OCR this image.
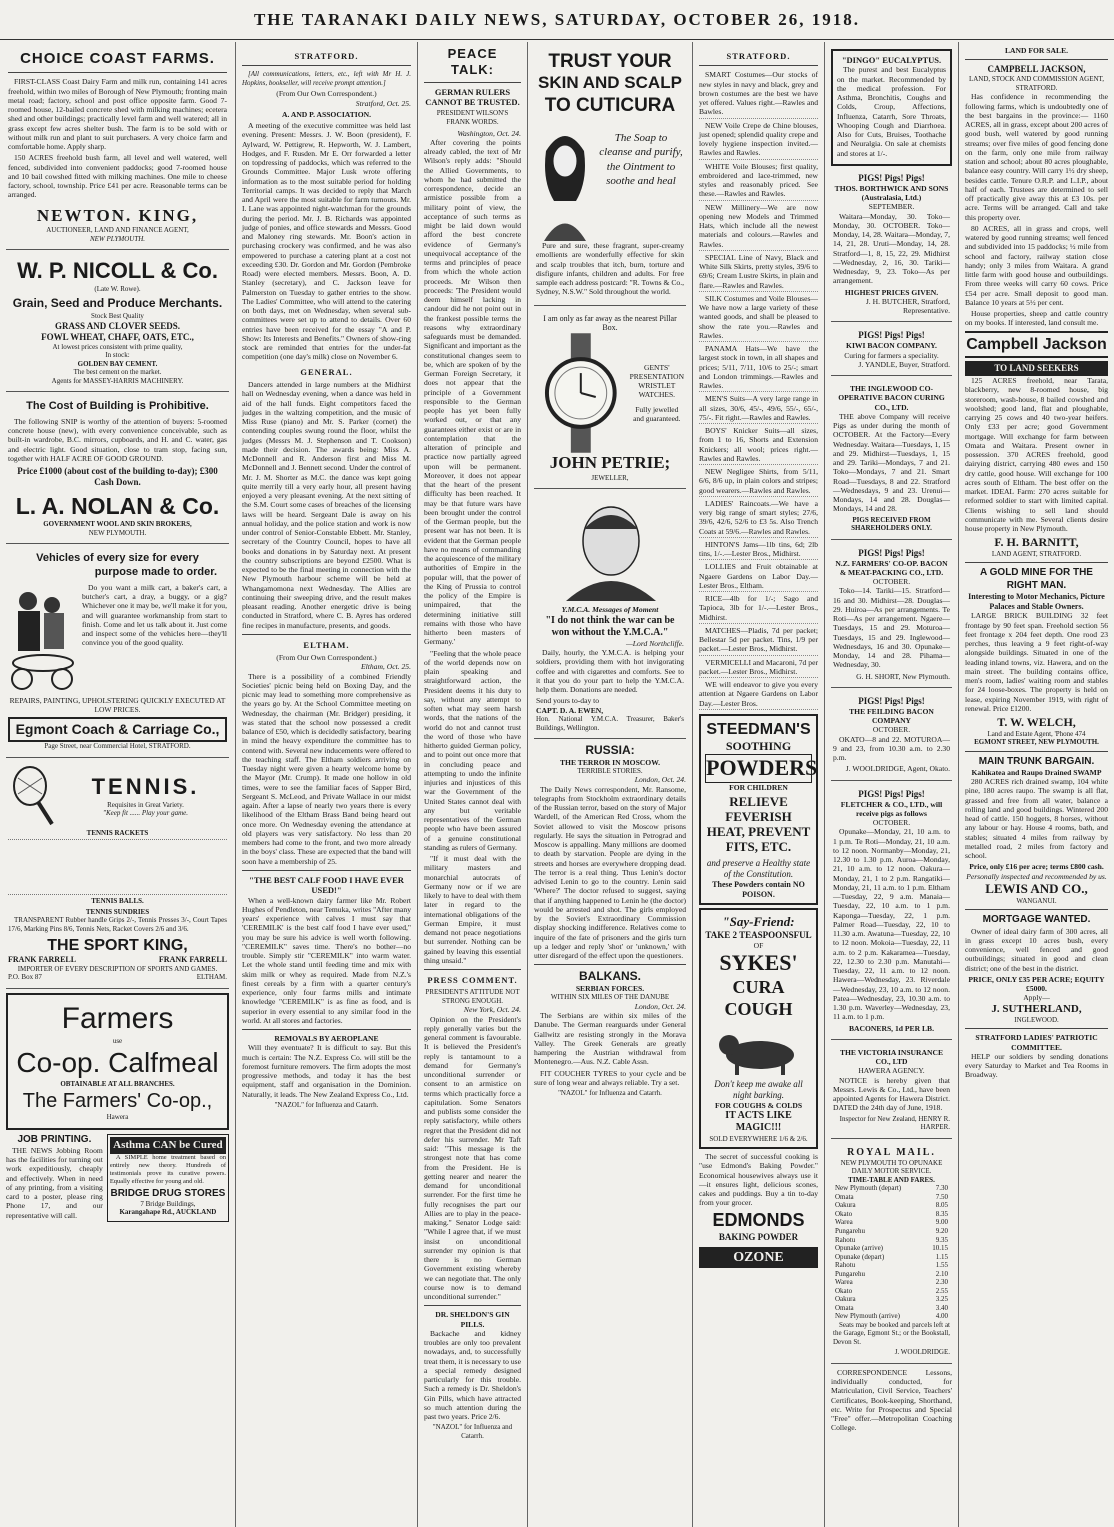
THE TARANAKI DAILY NEWS, SATURDAY, OCTOBER 26, 1918.
CHOICE COAST FARMS.

FIRST-CLASS Coast Dairy Farm and milk run, containing 141 acres freehold, within two miles of Borough of New Plymouth; fronting main metal road; factory, school and post office opposite farm. Good 7-roomed house, 12-bailed concrete shed with milking machines; ecetera shed and other buildings; practically level farm and well watered; all in grass except few acres shelter bush. The farm is to be sold with or without milk run and plant to suit purchasers. A very choice farm and comfortable home. Apply sharp.

150 ACRES freehold bush farm, all level and well watered, well fenced, subdivided into convenient paddocks; good 7-roomed house and 10 bail cowshed fitted with milking machines. One mile to cheese factory, school, township. Price £41 per acre. Reasonable terms can be arranged.

NEWTON. KING,
AUCTIONEER, LAND AND FINANCE AGENT,
NEW PLYMOUTH.
W. P. NICOLL & Co.
(Late W. Rowe).
Grain, Seed and Produce Merchants.
Stock Best Quality
GRASS AND CLOVER SEEDS.
FOWL WHEAT, CHAFF, OATS, ETC.,
At lowest prices consistent with prime quality,
In stock:
GOLDEN BAY CEMENT.
The best cement on the market.
Agents for MASSEY-HARRIS MACHINERY.
The Cost of Building is Prohibitive.

The following SNIP is worthy of the attention of buyers: 5-roomed concrete house (new), with every convenience conceivable, such as built-in wardrobe, B.C. mirrors, cupboards, and H. and C. water, gas and electric light. Good situation, close to tram stop, facing sun, together with HALF ACRE OF GOOD GROUND.

Price £1000 (about cost of the building to-day); £300 Cash Down.
L. A. NOLAN & Co.
GOVERNMENT WOOL AND SKIN BROKERS,
NEW PLYMOUTH.
Vehicles of every size for every
purpose made to order.

Do you want a milk cart, a baker's cart, a butcher's cart, a dray, a buggy, or a gig? Whichever one it may be, we'll make it for you, and will guarantee workmanship from start to finish. Come and let us talk about it. Just come and inspect some of the vehicles here—they'll convince you of the good quality.

REPAIRS, PAINTING, UPHOLSTERING QUICKLY EXECUTED AT LOW PRICES.
Egmont Coach & Carriage Co.,
Page Street, near Commercial Hotel, STRATFORD.
TENNIS.
Requisites in Great Variety.
"Keep fit ...... Play your game.
TENNIS RACKETS
TENNIS BALLS.
TENNIS SUNDRIES

TRANSPARENT Rubber handle Grips 2/-, Tennis Presses 3/-, Court Tapes 17/6, Marking Pins 8/6, Tennis Nets, Racket Covers 2/6 and 3/6.

THE SPORT KING,
FRANK FARRELL	FRANK FARRELL
IMPORTER OF EVERY DESCRIPTION OF SPORTS AND GAMES.
P.O. Box 87	ELTHAM.
Farmers
use
Co-op. Calfmeal
OBTAINABLE AT ALL BRANCHES.
The Farmers' Co-op.,
Hawera
JOB PRINTING.

THE NEWS Jobbing Room has the facilities for turning out work expeditiously, cheaply and effectively. When in need of any printing, from a visiting card to a poster, please ring Phone 17, and our representative will call.

Asthma CAN be Cured

A SIMPLE home treatment based on entirely new theory. Hundreds of testimonials prove its curative powers. Equally effective for young and old.

BRIDGE DRUG STORES
7 Bridge Buildings,
Karangahape Rd., AUCKLAND
STRATFORD.

[All communications, letters, etc., left with Mr H. J. Hopkins, bookseller, will receive prompt attention.]

(From Our Own Correspondent.)
Stratford, Oct. 25.
A. AND P. ASSOCIATION.

A meeting of the executive committee was held last evening. Present: Messrs. J. W. Boon (president), F. Aylward, W. Pettigrew, R. Hepworth, W. J. Lambert, Hodges, and F. Rusden. Mr E. Orr forwarded a letter on topdressing of paddocks, which was referred to the Grounds Committee. Major Lusk wrote offering information as to the most suitable period for holding Territorial camps. It was decided to reply that March and April were the most suitable for farm turnouts. Mr. I. Lane was appointed night-watchman for the grounds during the period. Mr. J. B. Richards was appointed judge of ponies, and office stewards and Messrs. Good and Maloney ring stewards. Mr. Boon's action in purchasing crockery was confirmed, and he was also empowered to purchase a catering plant at a cost not exceeding £30. Dr. Gordon and Mr. Gordon (Pembroke Road) were elected members. Messrs. Boon, A. D. Stanley (secretary), and C. Jackson leave for Palmerston on Tuesday to gather entries to the show. The Ladies' Committee, who will attend to the catering on both days, met on Wednesday, when several sub-committees were set up to attend to details. Over 60 entries have been received for the essay "A and P. Show: Its Interests and Benefits." Owners of show-ring stock are reminded that entries for the under-fat competition (one day's milk) close on November 6.

GENERAL.

Dancers attended in large numbers at the Midhirst hall on Wednesday evening, when a dance was held in aid of the hall funds. Eight competitors faced the judges in the waltzing competition, and the music of Miss Ruse (piano) and Mr. S. Parker (cornet) the contending couples swung round the floor, whilst the judges (Messrs M. J. Stephenson and T. Cookson) made their decision. The awards being: Miss A. McDonnell and R. Anderson first and Miss M. McDonnell and J. Bennett second. Under the control of Mr. J. M. Shorter as M.C. the dance was kept going quite merrily till a very early hour, all present having enjoyed a very pleasant evening. At the next sitting of the S.M. Court some cases of breaches of the licensing laws will be heard. Sergeant Dale is away on his annual holiday, and the police station and work is now under control of Senior-Constable Ebbett. Mr. Stanley, secretary of the Country Council, hopes to have all books and donations in by Saturday next. At present the country subscriptions are beyond £2500. What is expected to be the final meeting in connection with the New Plymouth harbour scheme will be held at Whangamomona next Wednesday. The Allies are continuing their sweeping drive, and the result makes pleasant reading. Another energetic drive is being conducted in Stratford, where C. B. Ayres has ordered fine recipes in manufacture, presents, and goods.

ELTHAM.
(From Our Own Correspondent.)
Eltham, Oct. 25.

There is a possibility of a combined Friendly Societies' picnic being held on Boxing Day, and the picnic may lead to something more comprehensive as the years go by. At the School Committee meeting on Wednesday, the chairman (Mr. Bridger) presiding, it was stated that the school now possessed a credit balance of £50, which is decidedly satisfactory, bearing in mind the heavy expenditure the committee has to contend with. Several new inducements were offered to the teaching staff. The Eltham soldiers arriving on Tuesday night were given a hearty welcome home by the Mayor (Mr. Crump). It made one hollow in old times, were to see the familiar faces of Sapper Bird, Sergeant S. McLeod, and Private Wallace in our midst again. After a lapse of nearly two years there is every likelihood of the Eltham Brass Band being heard out once more. On Wednesday evening the attendance at old players was very satisfactory. No less than 20 members had come to the front, and two more already in the boys' class. These are expected that the band will soon have a membership of 25.

"THE BEST CALF FOOD I HAVE EVER USED!"

When a well-known dairy farmer like Mr. Robert Hughes of Pendleton, near Temuka, writes "After many years' experience with calves I must say that 'CEREMILK' is the best calf food I have ever used," you may be sure his advice is well worth following. "CEREMILK" saves time. There's no bother—no trouble. Simply stir "CEREMILK" into warm water. Let the whole stand until feeding time and mix with skim milk or whey as required. Made from N.Z.'s finest cereals by a firm with a quarter century's experience, only four farms mills and intimate knowledge "CEREMILK" is as fine as food, and is superior in every essential to any similar food in the world. At all stores and factories.

REMOVALS BY AEROPLANE

Will they eventuate? It is difficult to say. But this much is certain: The N.Z. Express Co. will still be the foremost furniture removers. The firm adopts the most progressive methods, and today it has the best equipment, staff and organisation in the Dominion. Naturally, it leads. The New Zealand Express Co., Ltd.

"NAZOL" for Influenza and Catarrh.
PEACE TALK:
GERMAN RULERS CANNOT BE TRUSTED.
PRESIDENT WILSON'S FRANK WORDS.
Washington, Oct. 24.

After covering the points already cabled, the text of Mr Wilson's reply adds: "Should the Allied Governments, to whom he had submitted the correspondence, decide an armistice possible from a military point of view, the acceptance of such terms as might be laid down would afford the best concrete evidence of Germany's unequivocal acceptance of the terms and principles of peace from which the whole action proceeds. Mr Wilson then proceeds: 'The President would deem himself lacking in candour did he not point out in the frankest possible terms the reasons why extraordinary safeguards must be demanded. Significant and important as the constitutional changes seem to be, which are spoken of by the German Foreign Secretary, it does not appear that the principle of a Government responsible to the German people has yet been fully worked out, or that any guarantees either exist or are in contemplation that the alteration of principle and practice now partially agreed upon will be permanent. Moreover, it does not appear that the heart of the present difficulty has been reached. It may be that future wars have been brought under the control of the German people, but the present war has not been. It is evident that the German people have no means of commanding the acquiescence of the military authorities of Empire in the popular will, that the power of the King of Prussia to control the policy of the Empire is unimpaired, that the determining initiative still remains with those who have hitherto been masters of Germany.'

"Feeling that the whole peace of the world depends now on plain speaking and straightforward action, the President deems it his duty to say, without any attempt to soften what may seem harsh words, that the nations of the world do not and cannot trust the word of those who have hitherto guided German policy, and to point out once more that in concluding peace and attempting to undo the infinite injuries and injustices of this war the Government of the United States cannot deal with any but veritable representatives of the German people who have been assured of a genuine constitutional standing as rulers of Germany.

"If it must deal with the military masters and monarchial autocrats of Germany now or if we are likely to have to deal with them later in regard to the international obligations of the German Empire, it must demand not peace negotiations but surrender. Nothing can be gained by leaving this essential thing unsaid."

PRESS COMMENT.
PRESIDENT'S ATTITUDE NOT STRONG ENOUGH.
New York, Oct. 24.

Opinion on the President's reply generally varies but the general comment is favourable. It is believed the President's reply is tantamount to a demand for Germany's unconditional surrender or consent to an armistice on terms which practically force a capitulation. Some Senators and publists some consider the reply satisfactory, while others regret that the President did not defer his surrender. Mr Taft said: "This message is the strongest note that has come from the President. He is getting nearer and nearer the demand for unconditional surrender. For the first time he fully recognises the part our Allies are to play in the peace-making." Senator Lodge said: "While I agree that, if we must insist on unconditional surrender my opinion is that there is no German Government existing whereby we can negotiate that. The only course now is to demand unconditional surrender."

DR. SHELDON'S GIN PILLS.

Backache and kidney troubles are only too prevalent nowadays, and, to successfully treat them, it is necessary to use a special remedy designed particularly for this trouble. Such a remedy is Dr. Sheldon's Gin Pills, which have attracted so much attention during the past two years. Price 2/6.

"NAZOL" for Influenza and Catarrh.
TRUST YOUR
SKIN AND SCALP
TO CUTICURA
The Soap to cleanse and purify, the Ointment to soothe and heal

Pure and sure, these fragrant, super-creamy emollients are wonderfully effective for skin and scalp troubles that itch, burn, torture and disfigure infants, children and adults. For free sample each address postcard: "R. Towns & Co., Sydney, N.S.W." Sold throughout the world.

I am only as far away as the nearest Pillar Box.
GENTS' PRESENTATION WRISTLET WATCHES.
Fully jewelled and guaranteed.
JOHN PETRIE;
JEWELLER,
Y.M.C.A. Messages of Moment
"I do not think the war can be won without the Y.M.C.A."
—Lord Northcliffe.

Daily, hourly, the Y.M.C.A. is helping your soldiers, providing them with hot invigorating coffee and with cigarettes and comforts. See to it that you do your part to help the Y.M.C.A. help them. Donations are needed.

Send yours to-day to
CAPT. D. A. EWEN,
Hon. National Y.M.C.A. Treasurer, Baker's Buildings, Wellington.
RUSSIA:
THE TERROR IN MOSCOW.
TERRIBLE STORIES.
London, Oct. 24.

The Daily News correspondent, Mr. Ransome, telegraphs from Stockholm extraordinary details of the Russian terror, based on the story of Major Wardell, of the American Red Cross, whom the Soviet allowed to visit the Moscow prisons regularly. He says the situation in Petrograd and Moscow is appalling. Many millions are doomed to death by starvation. People are dying in the streets and horses are everywhere dropping dead. The terror is a real thing. Thus Lenin's doctor advised Lenin to go to the country. Lenin said 'Where?' The doctor refused to suggest, saying that if anything happened to Lenin he (the doctor) would be arrested and shot. The girls employed by the Soviet's Extraordinary Commission display shocking indifference. Relatives come to inquire of the fate of prisoners and the girls turn up a ledger and reply 'shot' or 'unknown,' with utter disregard of the effect upon the questioners.

BALKANS.
SERBIAN FORCES.
WITHIN SIX MILES OF THE DANUBE
London, Oct. 24.

The Serbians are within six miles of the Danube. The German rearguards under General Gallwitz are resisting strongly in the Morava Valley. The Greek Generals are greatly hampering the Austrian withdrawal from Montenegro.—Aus. N.Z. Cable Assn.

FIT COUCHER TYRES to your cycle and be sure of long wear and always reliable. Try a set.

"NAZOL" for Influenza and Catarrh.
STRATFORD.

SMART Costumes—Our stocks of new styles in navy and black, grey and brown costumes are the best we have yet offered. Values right.—Rawles and Bawles.

NEW Voile Crepe de Chine blouses, just opened; splendid quality crepe and lovely hygiene inspection invited.—Rawles and Rawles.

WHITE Voile Blouses; first quality, embroidered and lace-trimmed, new styles and reasonably priced. See these.—Rawles and Rawles.

NEW Millinery—We are now opening new Models and Trimmed Hats, which include all the newest materials and colours.—Rawles and Rawles.

SPECIAL Line of Navy, Black and White Silk Skirts, pretty styles, 39/6 to 69/6; Cream Lustre Skirts, in plain and flare.—Rawles and Rawles.

SILK Costumes and Voile Blouses—We have now a large variety of these wanted goods, and shall be pleased to show the rate you.—Rawles and Rawles.

PANAMA Hats—We have the largest stock in town, in all shapes and prices; 5/11, 7/11, 10/6 to 25/-; smart and London trimmings.—Rawles and Rawles.

MEN'S Suits—A very large range in all sizes, 30/6, 45/-, 49/6, 55/-, 65/-, 75/-. Fit right.—Rawles and Rawles.

BOYS' Knicker Suits—all sizes, from 1 to 16, Shorts and Extension Knickers; all wool; prices right.—Rawles and Rawles.

NEW Negligee Shirts, from 5/11, 6/6, 8/6 up, in plain colors and stripes; good wearers.—Rawles and Rawles.

LADIES' Raincoats.—We have a very big range of smart styles; 27/6, 39/6, 42/6, 52/6 to £3 5s. Also Trench Coats at 59/6.—Rawles and Rawles.

HINTON'S Jams—1lb tins, 6d; 2lb tins, 1/-.—Lester Bros., Midhirst.

LOLLIES and Fruit obtainable at Ngaere Gardens on Labor Day.—Lester Bros., Eltham.

RICE—4lb for 1/-; Sago and Tapioca, 3lb for 1/-.—Lester Bros., Midhirst.

MATCHES—Pladis, 7d per packet; Bellestar 5d per packet. Tins, 1/9 per packet.—Lester Bros., Midhirst.

VERMICELLI and Macaroni, 7d per packet.—Lester Bros., Midhirst.

WE will endeavor to give you every attention at Ngaere Gardens on Labor Day.—Lester Bros.

STEEDMAN'S
SOOTHING
POWDERS
FOR CHILDREN
RELIEVE FEVERISH HEAT, PREVENT FITS, ETC.
and preserve a Healthy state of the Constitution.
These Powders contain NO POISON.
"Say-Friend:
TAKE 2 TEASPOONSFUL
OF
SYKES'
CURA COUGH
Don't keep me awake all night barking.
FOR COUGHS & COLDS
IT ACTS LIKE MAGIC!!!
SOLD EVERYWHERE 1/6 & 2/6.

The secret of successful cooking is "use Edmond's Baking Powder." Economical housewives always use it—it ensures light, delicious scones, cakes and puddings. Buy a tin to-day from your grocer.

EDMONDS
BAKING POWDER
OZONE
"DINGO" EUCALYPTUS.

The purest and best Eucalyptus on the market. Recommended by the medical profession. For Asthma, Bronchitis, Coughs and Colds, Croup, Affections, Influenza, Catarrh, Sore Throats, Whooping Cough and Diarrhoea. Also for Cuts, Bruises, Toothache and Neuralgia. On sale at chemists and stores at 1/-.

PIGS! Pigs! Pigs!
THOS. BORTHWICK AND SONS (Australasia, Ltd.)
SEPTEMBER.

Waitara—Monday, 30. Toko—Monday, 30. OCTOBER. Toko—Monday, 14, 28. Waitara—Monday, 7, 14, 21, 28. Uruti—Monday, 14, 28. Stratford—1, 8, 15, 22, 29. Midhirst—Wednesday, 2, 16, 30. Tariki—Wednesday, 9, 23. Toko—As per arrangement.

HIGHEST PRICES GIVEN.
J. H. BUTCHER, Stratford, Representative.
PIGS! Pigs! Pigs!
KIWI BACON COMPANY.
Curing for farmers a speciality.
J. YANDLE, Buyer, Stratford.
THE INGLEWOOD CO-OPERATIVE BACON CURING CO., LTD.

THE above Company will receive Pigs as under during the month of OCTOBER. At the Factory—Every Wednesday. Waitara—Tuesdays, 1, 15 and 29. Midhirst—Tuesdays, 1, 15 and 29. Tariki—Mondays, 7 and 21. Toko—Mondays, 7 and 21. Smart Road—Tuesdays, 8 and 22. Stratford—Wednesdays, 9 and 23. Urenui—Mondays, 14 and 28. Douglas—Mondays, 14 and 28.

PIGS RECEIVED FROM SHAREHOLDERS ONLY.
PIGS! Pigs! Pigs!
N.Z. FARMERS' CO-OP. BACON & MEAT-PACKING CO., LTD.
OCTOBER.

Toko—14. Tariki—15. Stratford—16 and 30. Midhirst—28. Douglas—29. Huiroa—As per arrangements. Te Roti—As per arrangement. Ngaere—Tuesdays, 15 and 29. Moturoa—Tuesdays, 15 and 29. Inglewood—Wednesdays, 16 and 30. Opunake—Monday, 14 and 28. Pihama—Wednesday, 30.

G. H. SHORT, New Plymouth.
PIGS! Pigs! Pigs!
THE FEILDING BACON COMPANY
OCTOBER.

OKATO—8 and 22. MOTUROA—9 and 23, from 10.30 a.m. to 2.30 p.m.

J. WOOLDRIDGE, Agent, Okato.
PIGS! Pigs! Pigs!
FLETCHER & CO., LTD., will receive pigs as follows
OCTOBER.

Opunake—Monday, 21, 10 a.m. to 1 p.m. Te Roti—Monday, 21, 10 a.m. to 12 noon. Normanby—Monday, 21, 12.30 to 1.30 p.m. Auroa—Monday, 21, 10 a.m. to 12 noon. Oakura—Monday, 21, 1 to 2 p.m. Rangatiki—Monday, 21, 11 a.m. to 1 p.m. Eltham—Tuesday, 22, 9 a.m. Manaia—Tuesday, 22, 10 a.m. to 1 p.m. Kaponga—Tuesday, 22, 1 p.m. Palmer Road—Tuesday, 22, 10 to 11.30 a.m. Awatuna—Tuesday, 22, 10 to 12 noon. Mokoia—Tuesday, 22, 11 a.m. to 2 p.m. Kakaramea—Tuesday, 22, 12.30 to 2.30 p.m. Manutahi—Tuesday, 22, 11 a.m. to 12 noon. Hawera—Wednesday, 23. Riverdale—Wednesday, 23, 10 a.m. to 12 noon. Patea—Wednesday, 23, 10.30 a.m. to 1.30 p.m. Waverley—Wednesday, 23, 11 a.m. to 1 p.m.

BACONERS, 1d PER LB.
THE VICTORIA INSURANCE CO., LTD
HAWERA AGENCY.

NOTICE is hereby given that Messrs. Lewis & Co., Ltd., have been appointed Agents for Hawera District. DATED the 24th day of June, 1918.

Inspector for New Zealand, HENRY R. HARPER.
ROYAL MAIL.
NEW PLYMOUTH TO OPUNAKE DAILY MOTOR SERVICE.
TIME-TABLE AND FARES.
New Plymouth (depart)	7.30
Omata	7.50
Oakura	8.05
Okato	8.35
Warea	9.00
Pungarehu	9.20
Rahotu	9.35
Opunake (arrive)	10.15
Opunake (depart)	1.15
Rahotu	1.55
Pungarehu	2.10
Warea	2.30
Okato	2.55
Oakura	3.25
Omata	3.40
New Plymouth (arrive)	4.00

Seats may be booked and parcels left at the Garage, Egmont St.; or the Bookstall, Devon St.

J. WOOLDRIDGE.

CORRESPONDENCE Lessons, individually conducted, for Matriculation, Civil Service, Teachers' Certificates, Book-keeping, Shorthand, etc. Write for Prospectus and Special "Free" offer.—Metropolitan Coaching College.

LAND FOR SALE.
CAMPBELL JACKSON,
LAND, STOCK AND COMMISSION AGENT, STRATFORD.

Has confidence in recommending the following farms, which is undoubtedly one of the best bargains in the province:— 1160 ACRES, all in grass, except about 200 acres of good bush, well watered by good running streams; over five miles of good fencing done on the farm, only one mile from railway station and school; about 80 acres ploughable, balance easy country. Will carry 1½ dry sheep, besides cattle. Tenure O.R.P. and L.I.P., about half of each. Trustees are determined to sell off practically give away this at £3 10s. per acre. Terms will be arranged. Call and take this property over.

80 ACRES, all in grass and crops, well watered by good running streams; well fenced and subdivided into 15 paddocks; ½ mile from school and factory, railway station close handy; only 3 miles from Waitara. A grand little farm with good house and outbuildings. From three weeks will carry 60 cows. Price £54 per acre. Small deposit to good man. Balance 10 years at 5½ per cent.

House properties, sheep and cattle country on my books. If interested, land consult me.

Campbell Jackson
TO LAND SEEKERS

125 ACRES freehold, near Tarata, blackberry, new 8-roomed house, big storeroom, wash-house, 8 bailed cowshed and woolshed; good land, flat and ploughable, carrying 25 cows and 40 two-year heifers. Only £33 per acre; good Government mortgage. Will exchange for farm between Omata and Waitara. Present owner in possession. 370 ACRES freehold, good dairying district, carrying 480 ewes and 150 dry cattle, good house. Will exchange for 100 acres south of Eltham. The best offer on the market. IDEAL Farm: 270 acres suitable for reformed soldier to start with limited capital. Clients wishing to sell land should communicate with me. Several clients desire house property in New Plymouth.

F. H. BARNITT,
LAND AGENT, STRATFORD.
A GOLD MINE FOR THE RIGHT MAN.
Interesting to Motor Mechanics, Picture Palaces and Stable Owners.

LARGE BRICK BUILDING 32 feet frontage by 90 feet span. Freehold section 56 feet frontage x 204 feet depth. One rood 23 perches, thus leaving a 9 feet right-of-way alongside buildings. Situated in one of the leading inland towns, viz. Hawera, and on the main street. The building contains office, men's room, ladies' waiting room and stables for 24 loose-boxes. The property is held on lease, expiring November 1919, with right of renewal. Price £1200.

T. W. WELCH,
Land and Estate Agent, 'Phone 474
EGMONT STREET, NEW PLYMOUTH.
MAIN TRUNK BARGAIN.
Kahikatea and Raupo Drained SWAMP

280 ACRES rich drained swamp, 104 white pine, 180 acres raupo. The swamp is all flat, grassed and free from all water, balance a rolling land and good buildings. Wintered 200 head of cattle. 150 hoggets, 8 horses, without any labour or hay. House 4 rooms, bath, and stables; situated 4 miles from railway by metalled road, 2 miles from factory and school.

Price, only £16 per acre; terms £800 cash.
Personally inspected and recommended by us.
LEWIS AND CO.,
WANGANUI.
MORTGAGE WANTED.

Owner of ideal dairy farm of 300 acres, all in grass except 10 acres bush, every convenience, well fenced and good outbuildings; situated in good and clean district; one of the best in the district.

PRICE, ONLY £35 PER ACRE; EQUITY £5000.
Apply—
J. SUTHERLAND,
INGLEWOOD.
STRATFORD LADIES' PATRIOTIC COMMITTEE.

HELP our soldiers by sending donations every Saturday to Market and Tea Rooms in Broadway.
